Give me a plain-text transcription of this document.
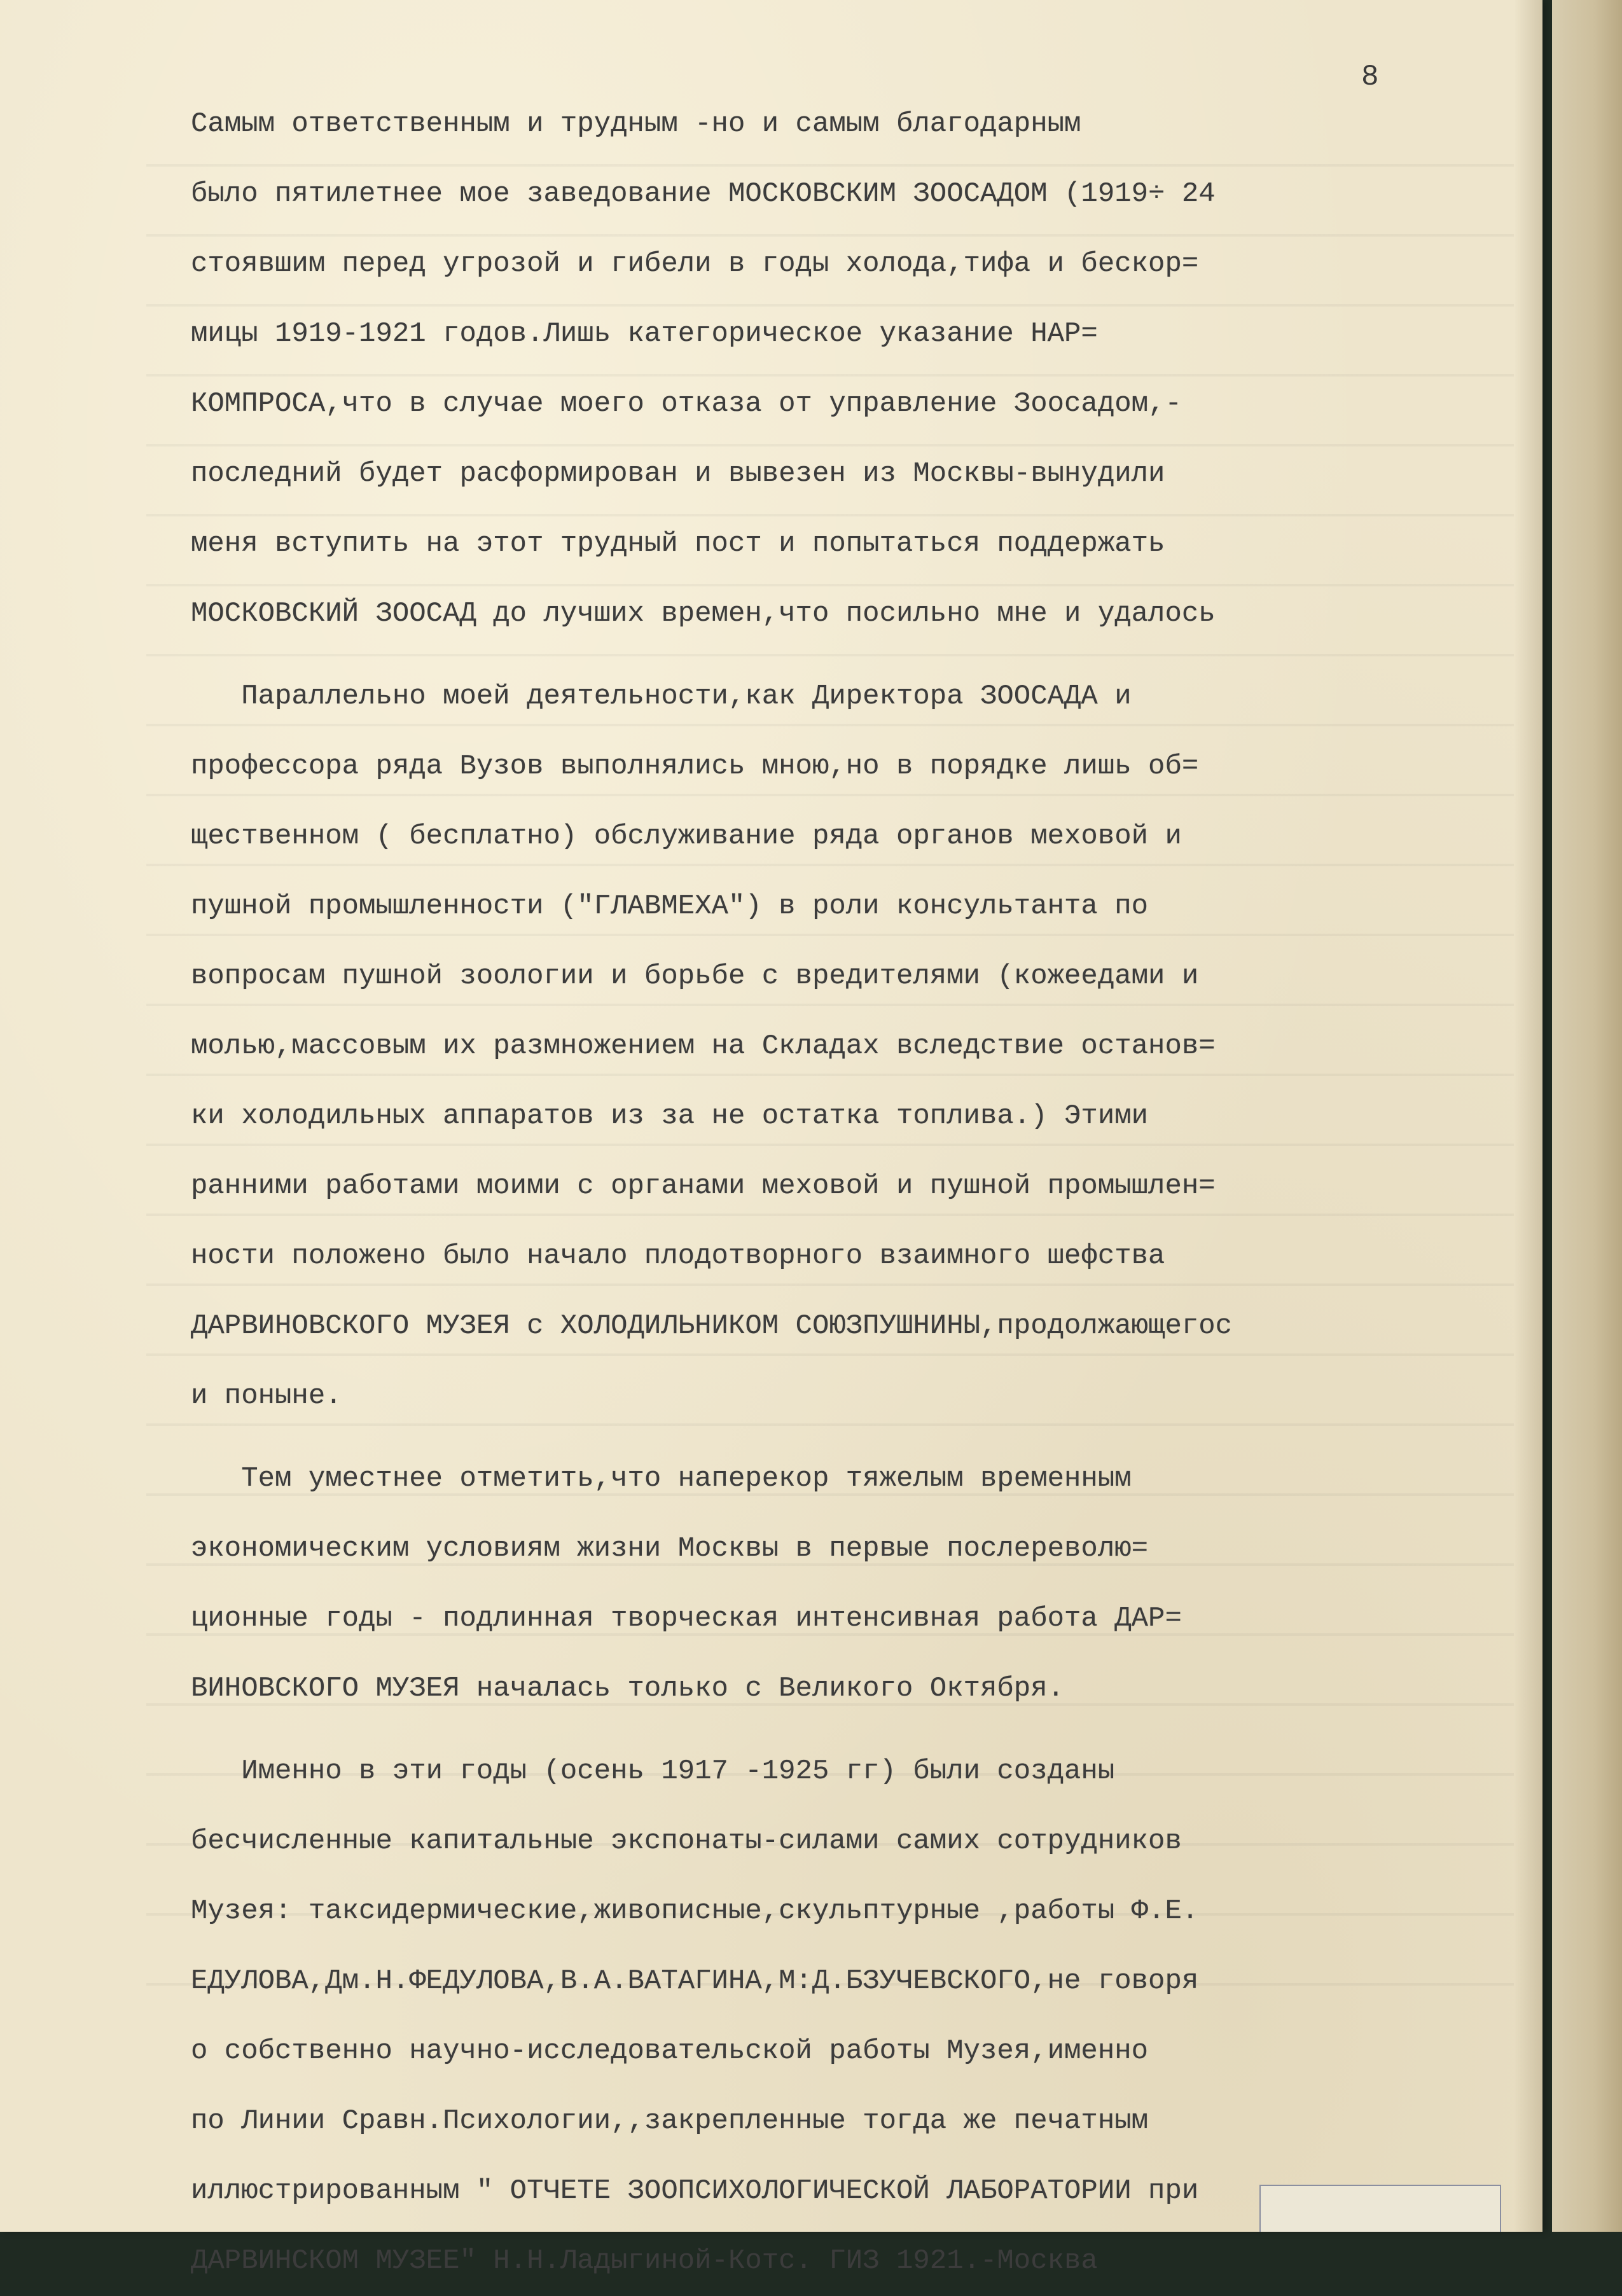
8
Самым ответственным и трудным -но и самым благодарным
было пятилетнее мое заведование МОСКОВСКИМ ЗООСАДОМ (1919÷ 24
стоявшим перед угрозой и гибели в годы холода,тифа и бескор=
мицы 1919-1921 годов.Лишь категорическое указание НАР=
КОМПРОСА,что в случае моего отказа от управление Зоосадом,-
последний будет расформирован и вывезен из Москвы-вынудили
меня вступить на этот трудный пост и попытаться поддержать
МОСКОВСКИЙ ЗООСАД до лучших времен,что посильно мне и удалось
Параллельно моей деятельности,как Директора ЗООСАДА и
профессора ряда Вузов выполнялись мною,но в порядке лишь об=
щественном ( бесплатно) обслуживание ряда органов меховой и
пушной промышленности ("ГЛАВМЕХА") в роли консультанта по
вопросам пушной зоологии и борьбе с вредителями (кожеедами и
молью,массовым их размножением на Складах вследствие останов=
ки холодильных аппаратов из за не остатка топлива.) Этими
ранними работами моими с органами меховой и пушной промышлен=
ности положено было начало плодотворного взаимного шефства
ДАРВИНОВСКОГО МУЗЕЯ с ХОЛОДИЛЬНИКОМ СОЮЗПУШНИНЫ,продолжающегос
и поныне.
Тем уместнее отметить,что наперекор тяжелым временным
экономическим условиям жизни Москвы в первые послереволю=
ционные годы - подлинная творческая интенсивная работа ДАР=
ВИНОВСКОГО МУЗЕЯ началась только с Великого Октября.
Именно в эти годы (осень 1917 -1925 гг) были созданы
бесчисленные капитальные экспонаты-силами самих сотрудников
Музея: таксидермические,живописные,скульптурные ,работы Ф.Е.
ЕДУЛОВА,Дм.Н.ФЕДУЛОВА,В.А.ВАТАГИНА,М:Д.БЗУЧЕВСКОГО,не говоря
о собственно научно-исследовательской работы Музея,именно
по Линии Сравн.Психологии,,закрепленные тогда же печатным
иллюстрированным " ОТЧЕТЕ ЗООПСИХОЛОГИЧЕСКОЙ ЛАБОРАТОРИИ при
ДАРВИНСКОМ МУЗЕЕ" Н.Н.Ладыгиной-Котс. ГИЗ 1921.-Москва
